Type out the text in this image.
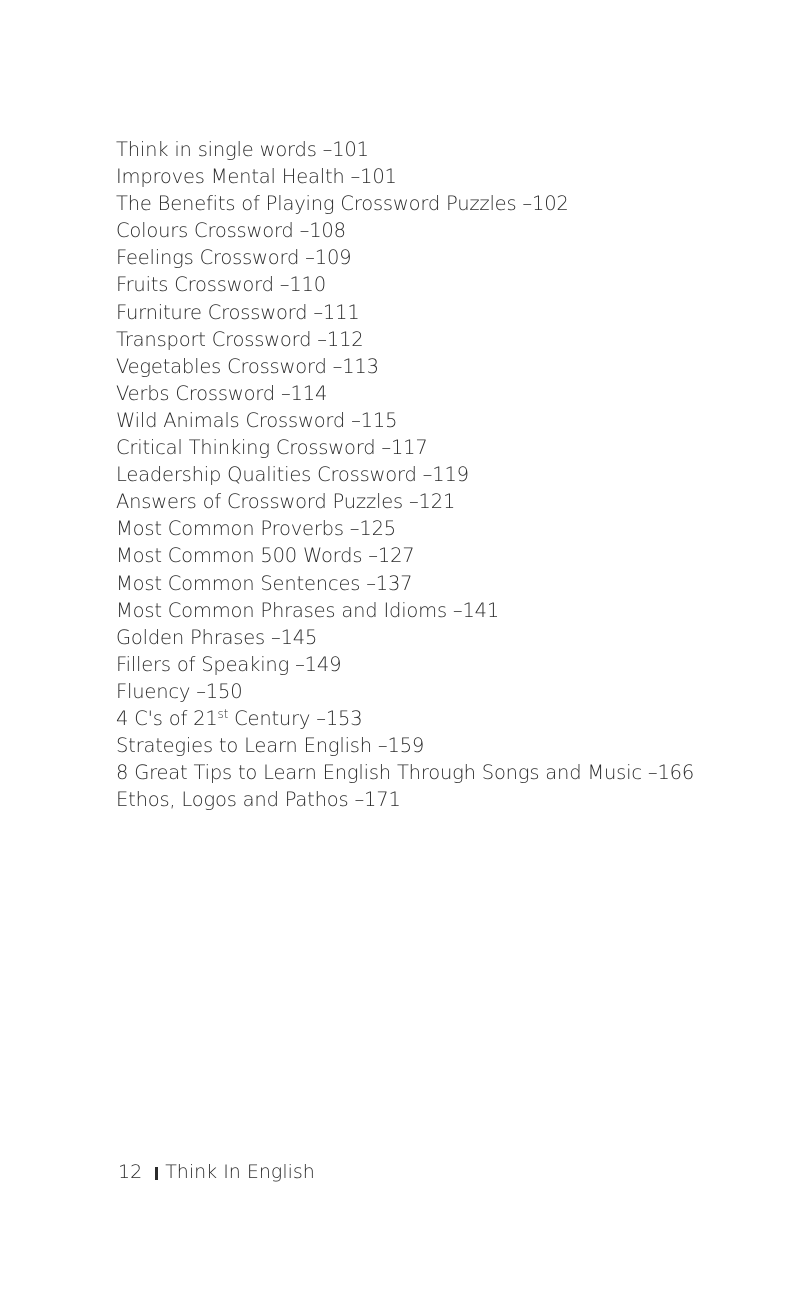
Think in single words –101
Improves Mental Health –101
The Benefits of Playing Crossword Puzzles –102
Colours Crossword –108
Feelings Crossword –109
Fruits Crossword –110
Furniture Crossword –111
Transport Crossword –112
Vegetables Crossword –113
Verbs Crossword –114
Wild Animals Crossword –115
Critical Thinking Crossword –117
Leadership Qualities Crossword –119
Answers of Crossword Puzzles –121
Most Common Proverbs –125
Most Common 500 Words –127
Most Common Sentences –137
Most Common Phrases and Idioms –141
Golden Phrases –145
Fillers of Speaking –149
Fluency –150
4 C's of 21st Century –153
Strategies to Learn English –159
8 Great Tips to Learn English Through Songs and Music –166
Ethos, Logos and Pathos –171
12 Think In English
